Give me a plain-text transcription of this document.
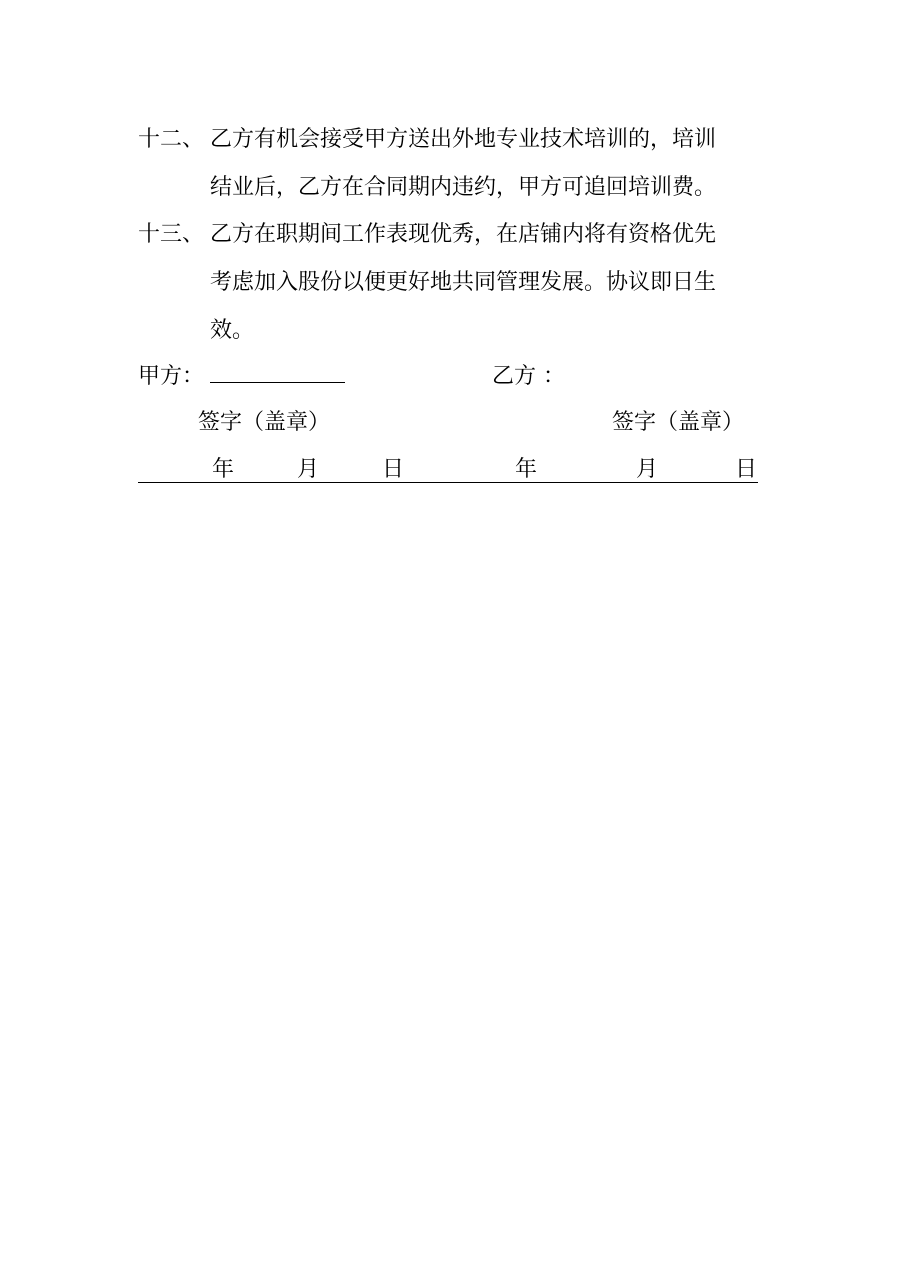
十二、 乙方有机会接受甲方送出外地专业技术培训的，培训
结业后，乙方在合同期内违约，甲方可追回培训费。
十三、 乙方在职期间工作表现优秀，在店铺内将有资格优先
考虑加入股份以便更好地共同管理发展。协议即日生
效。
甲方：	乙方 ：
签字（盖章）	签字（盖章）
年	月	日	年	月	日
